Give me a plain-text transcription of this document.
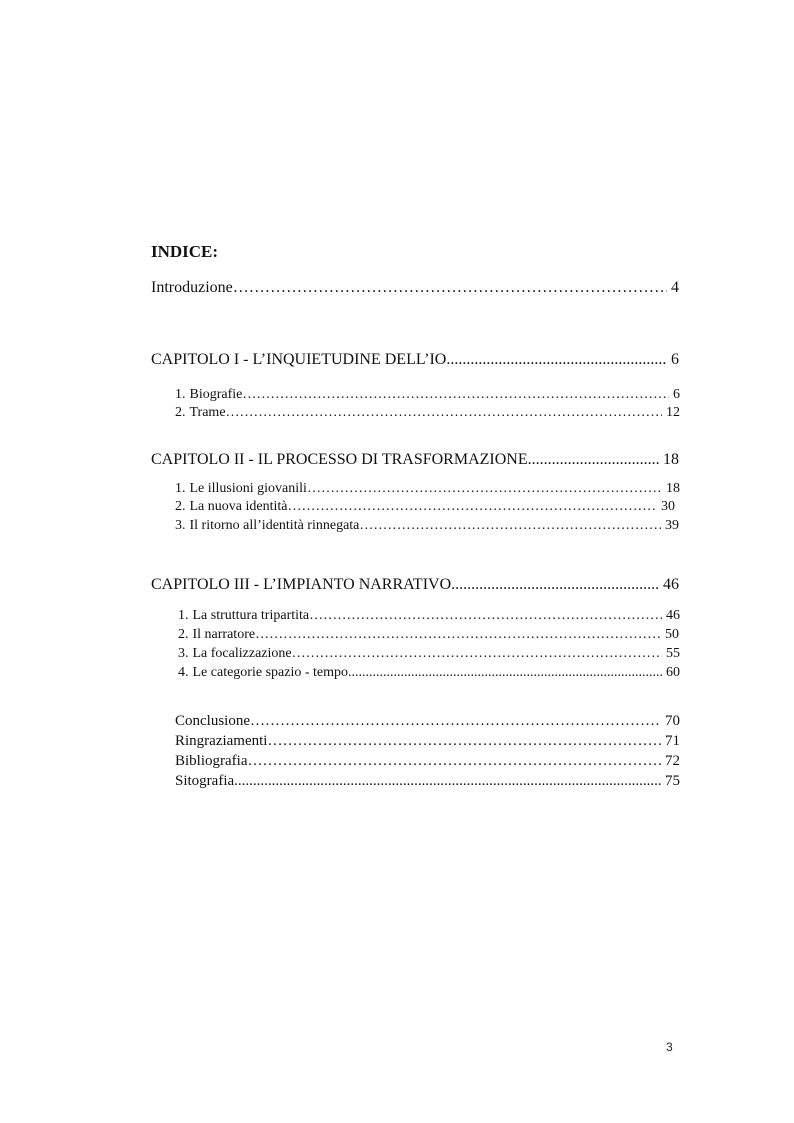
INDICE:
Introduzione ………………………………………………………………………………………………………………………………………………………………………………………………………………	4
CAPITOLO I - L’INQUIETUDINE DELL’IO .....	6
1. Biografie ………………………………………………………………………………………………………………………………………………………………………………………………………………	6
2. Trame ………………………………………………………………………………………………………………………………………………………………………………………………………………	12
CAPITOLO II - IL PROCESSO DI TRASFORMAZIONE .....	18
1. Le illusioni giovanili ………………………………………………………………………………………………………………………………………………………………………………………………………………	18
2. La nuova identità ………………………………………………………………………………………………………………………………………………………………………………………………………………	30
3. Il ritorno all’identità rinnegata ………………………………………………………………………………………………………………………………………………………………………………………………………………	39
CAPITOLO III - L’IMPIANTO NARRATIVO .....	46
1. La struttura tripartita ………………………………………………………………………………………………………………………………………………………………………………………………………………	46
2. Il narratore ………………………………………………………………………………………………………………………………………………………………………………………………………………	50
3. La focalizzazione ………………………………………………………………………………………………………………………………………………………………………………………………………………	55
4. Le categorie spazio - tempo .....	60
Conclusione ………………………………………………………………………………………………………………………………………………………………………………………………………………	70
Ringraziamenti ………………………………………………………………………………………………………………………………………………………………………………………………………………	71
Bibliografia ………………………………………………………………………………………………………………………………………………………………………………………………………………	72
Sitografia .....	75
3
